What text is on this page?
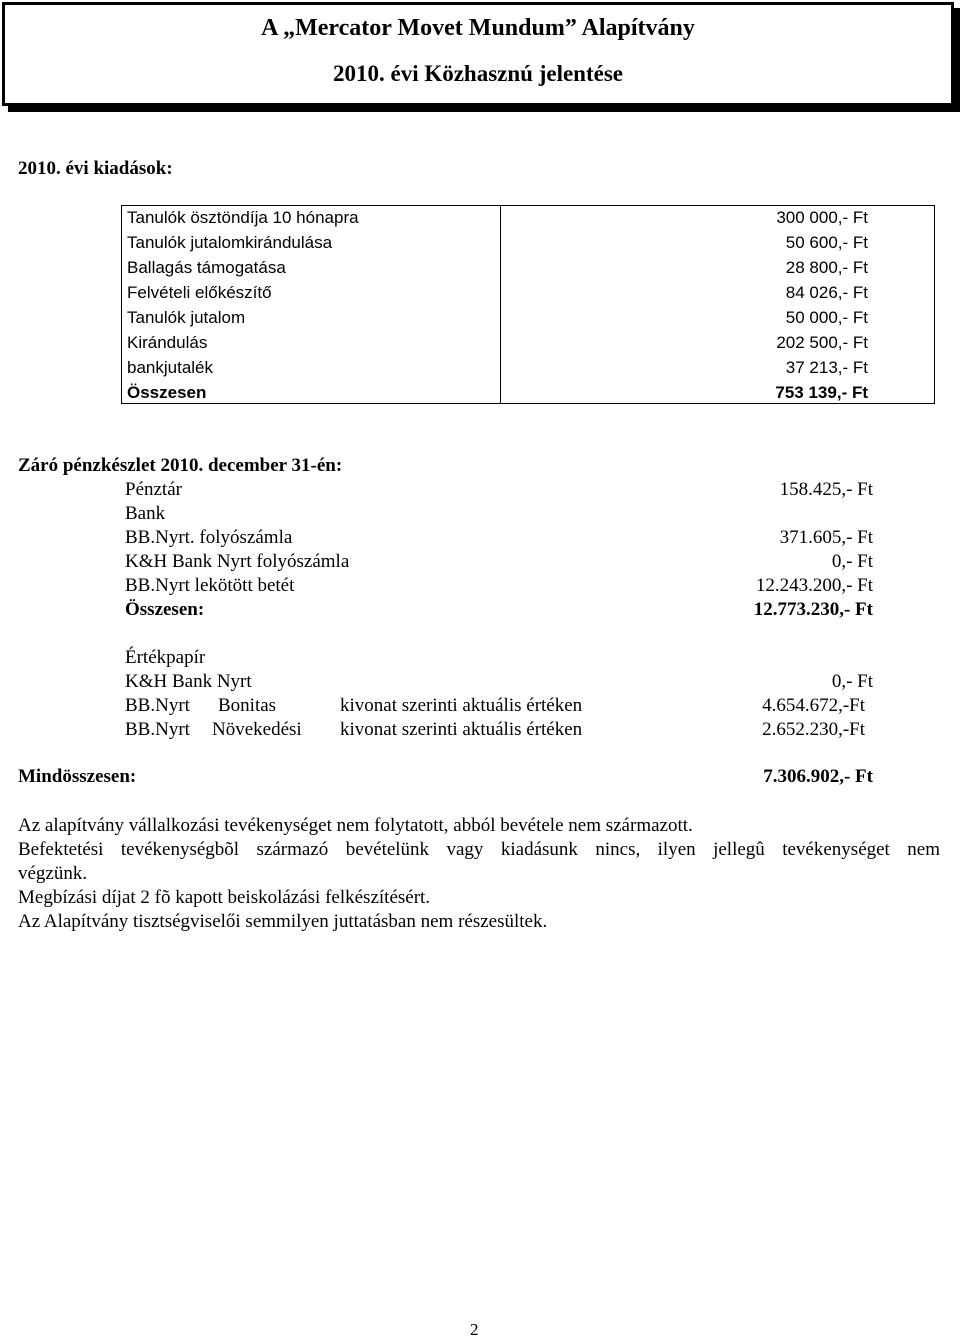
A „Mercator Movet Mundum” Alapítvány
2010. évi Közhasznú jelentése
2010. évi kiadások:
Tanulók ösztöndíja 10 hónapra	300 000,- Ft
Tanulók jutalomkirándulása	50 600,- Ft
Ballagás támogatása	28 800,- Ft
Felvételi előkészítő	84 026,- Ft
Tanulók jutalom	50 000,- Ft
Kirándulás	202 500,- Ft
bankjutalék	37 213,- Ft
Összesen	753 139,- Ft
Záró pénzkészlet 2010. december 31-én:
Pénztár	158.425,- Ft
Bank
BB.Nyrt. folyószámla	371.605,- Ft
K&H Bank Nyrt folyószámla	0,- Ft
BB.Nyrt lekötött betét	12.243.200,- Ft
Összesen:	12.773.230,- Ft
Értékpapír
K&H Bank Nyrt	0,- Ft
BB.Nyrt Bonitas	kivonat szerinti aktuális értéken	4.654.672,-Ft
BB.Nyrt Növekedési kivonat szerinti aktuális értéken	2.652.230,-Ft
Mindösszesen:	7.306.902,- Ft
Az alapítvány vállalkozási tevékenységet nem folytatott, abból bevétele nem származott.
Befektetési tevékenységbõl származó bevételünk vagy kiadásunk nincs, ilyen jellegû tevékenységet nem
végzünk.
Megbízási díjat 2 fõ kapott beiskolázási felkészítésért.
Az Alapítvány tisztségviselői semmilyen juttatásban nem részesültek.
2
